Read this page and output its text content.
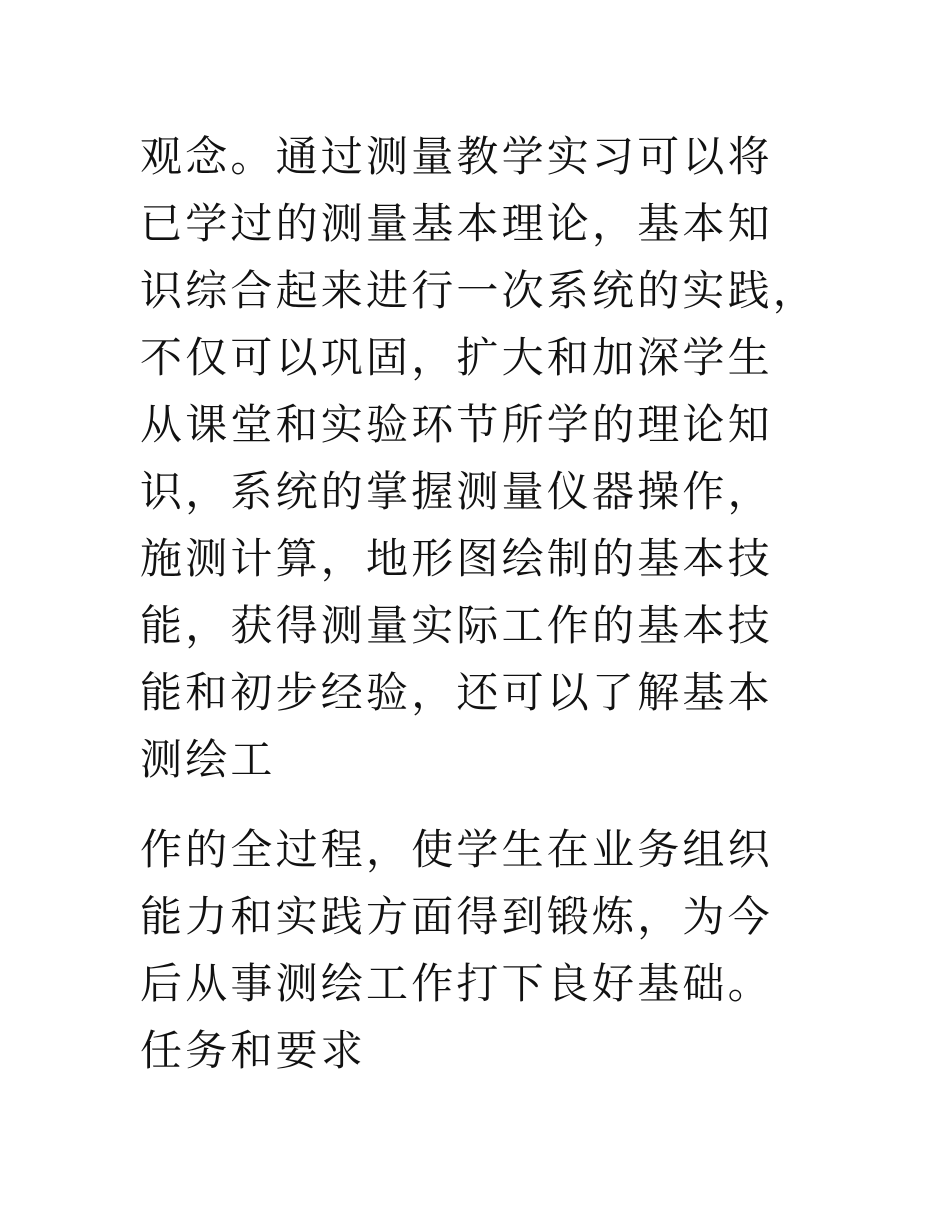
观念。通过测量教学实习可以将
已学过的测量基本理论，基本知
识综合起来进行一次系统的实践，
不仅可以巩固，扩大和加深学生
从课堂和实验环节所学的理论知
识，系统的掌握测量仪器操作，
施测计算，地形图绘制的基本技
能，获得测量实际工作的基本技
能和初步经验，还可以了解基本
测绘工
作的全过程，使学生在业务组织
能力和实践方面得到锻炼，为今
后从事测绘工作打下良好基础。
任务和要求
